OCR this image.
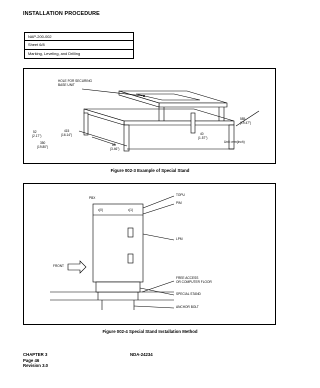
INSTALLATION PROCEDURE
NAP-200-002
Sheet 6/8
Marking, Leveling, and Drilling
HOLE FOR SECURING
BASE UNIT
585
(19.47")
415
(16.14")
52
(2.17")
350
(19.80")	85
(3.46")
40
(1.57")
Unit: mm(inch)
Figure 002-3 Example of Special Stand
PBX
•(0)	•(1)
TOPU
PIM
LPM
FRONT
FREE ACCESS
OR COMPUTER FLOOR
SPECIAL STAND
ANCHOR BOLT
Figure 002-4 Special Stand Installation Method
CHAPTER 3
Page 46
Revision 3.0
NDA-24234
